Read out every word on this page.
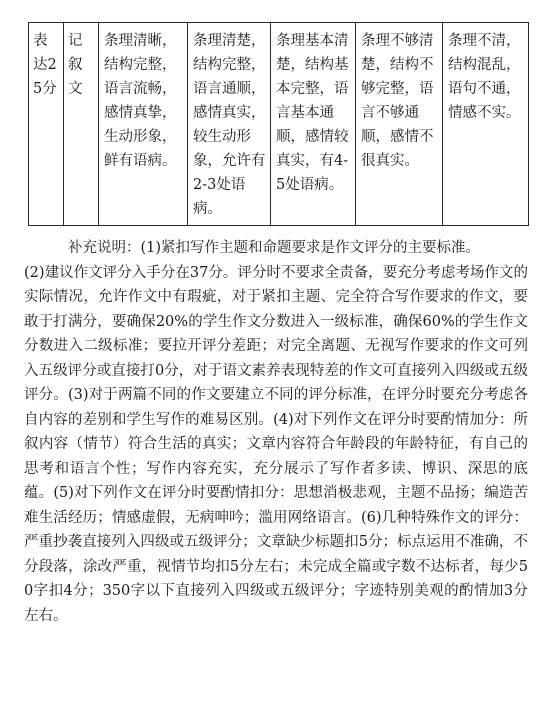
表达25分	记叙文	条理清晰，结构完整，语言流畅，感情真挚，生动形象，鲜有语病。	条理清楚，结构完整，语言通顺，感情真实，较生动形象，允许有2-3处语病。	条理基本清楚，结构基本完整，语言基本通顺，感情较真实，有4-5处语病。	条理不够清楚，结构不够完整，语言不够通顺，感情不很真实。	条理不清，结构混乱，语句不通，情感不实。
补充说明：(1)紧扣写作主题和命题要求是作文评分的主要标准。
(2)建议作文评分入手分在37分。评分时不要求全责备，要充分考虑考场作文的实际情况，允许作文中有瑕疵，对于紧扣主题、完全符合写作要求的作文，要敢于打满分，要确保20%的学生作文分数进入一级标准，确保60%的学生作文分数进入二级标准；要拉开评分差距；对完全离题、无视写作要求的作文可列入五级评分或直接打0分，对于语文素养表现特差的作文可直接列入四级或五级评分。(3)对于两篇不同的作文要建立不同的评分标准，在评分时要充分考虑各自内容的差别和学生写作的难易区别。(4)对下列作文在评分时要酌情加分：所叙内容（情节）符合生活的真实；文章内容符合年龄段的年龄特征，有自己的思考和语言个性；写作内容充实，充分展示了写作者多读、博识、深思的底蕴。(5)对下列作文在评分时要酌情扣分：思想消极悲观，主题不品扬；编造苦难生活经历；情感虚假，无病呻吟；滥用网络语言。(6)几种特殊作文的评分：严重抄袭直接列入四级或五级评分；文章缺少标题扣5分；标点运用不准确，不分段落，涂改严重，视情节均扣5分左右；未完成全篇或字数不达标者，每少50字扣4分；350字以下直接列入四级或五级评分；字迹特别美观的酌情加3分左右。
